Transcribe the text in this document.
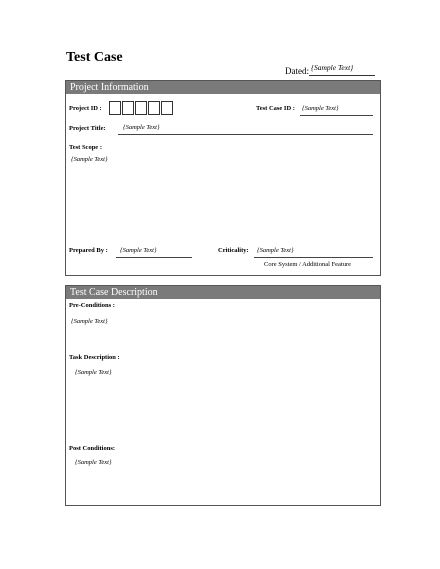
Test Case
Dated: {Sample Text}
Project Information
Project ID :	Test Case ID : {Sample Text}
Project Title:	{Sample Text}
Test Scope :
{Sample Text}
Prepared By : {Sample Text}	Criticality: {Sample Text}
Core System / Additional Feature
Test Case Description
Pre-Conditions :
{Sample Text}
Task Description :
{Sample Text}
Post Conditions:
{Sample Text}
